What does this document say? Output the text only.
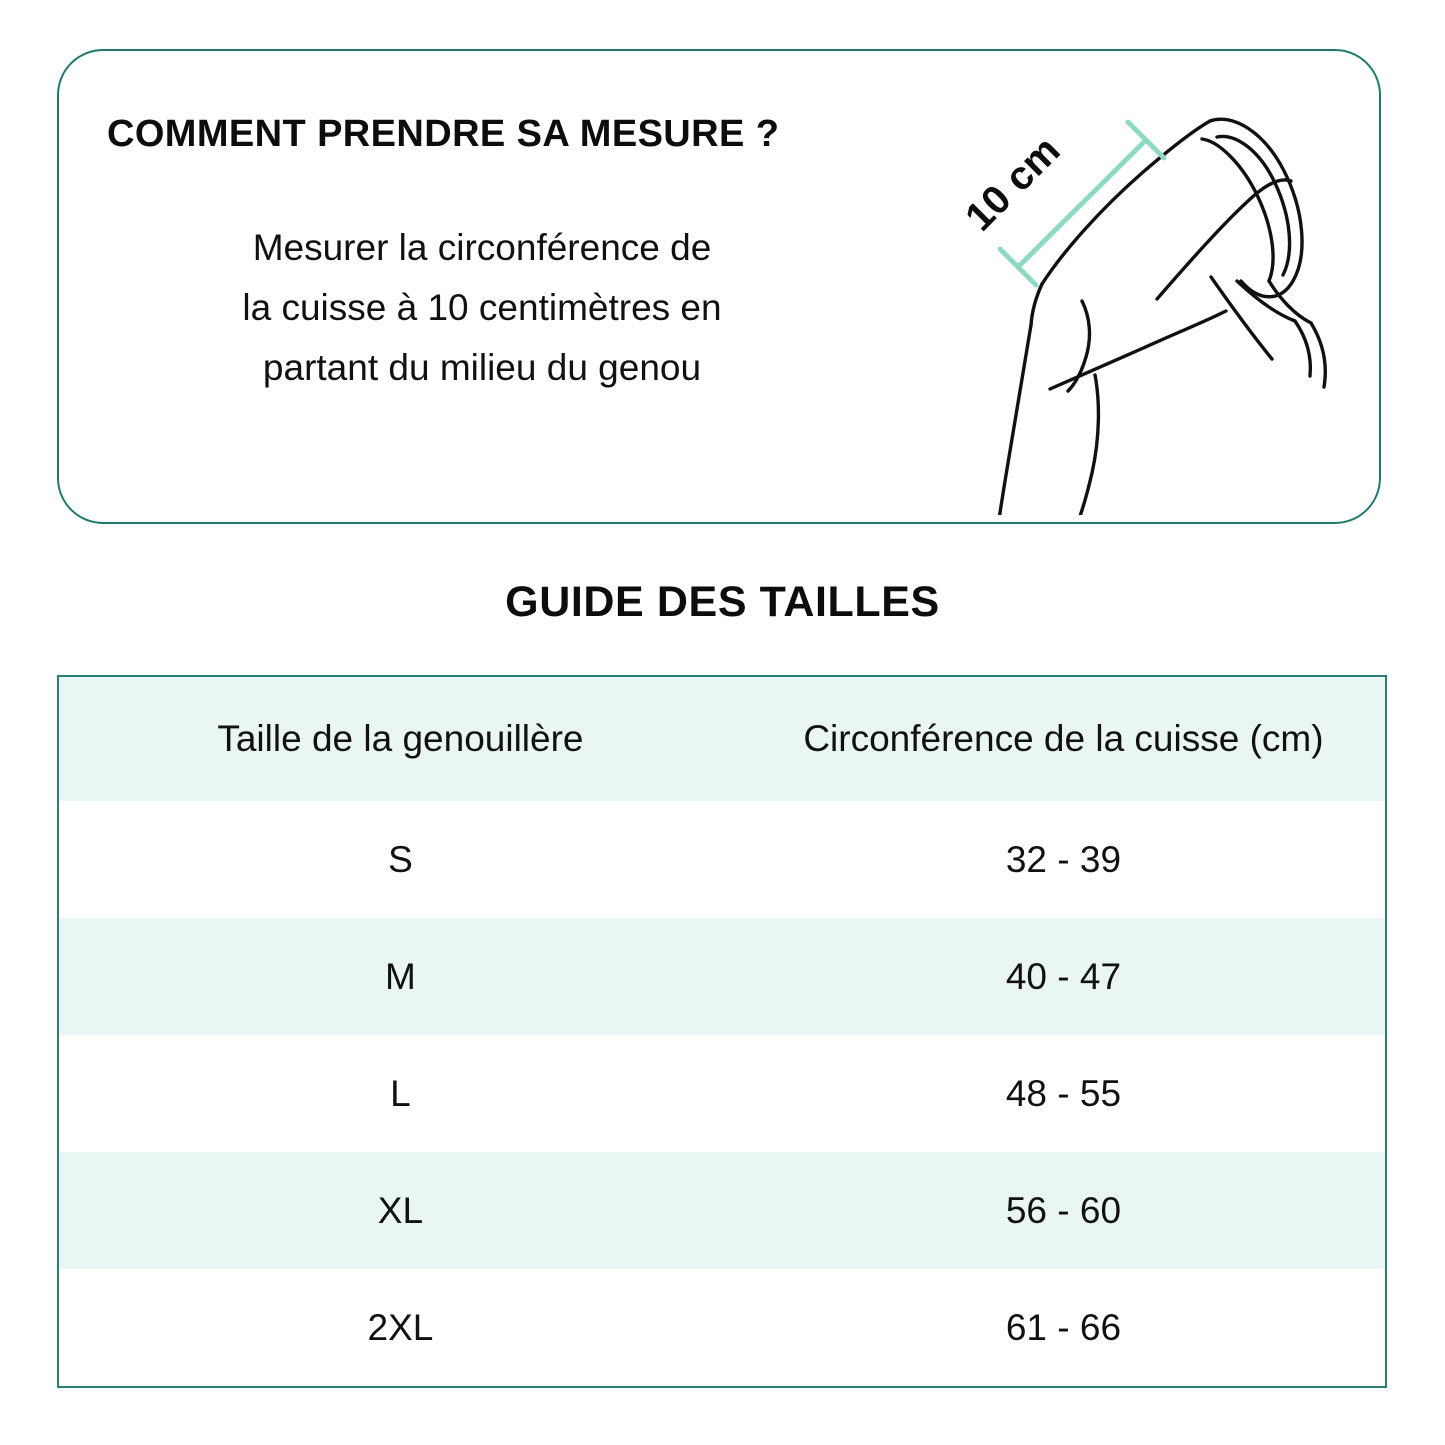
COMMENT PRENDRE SA MESURE ?

Mesurer la circonférence de
la cuisse à 10 centimètres en
partant du milieu du genou

10 cm
GUIDE DES TAILLES
Taille de la genouillère	Circonférence de la cuisse (cm)
S	32 - 39
M	40 - 47
L	48 - 55
XL	56 - 60
2XL	61 - 66
